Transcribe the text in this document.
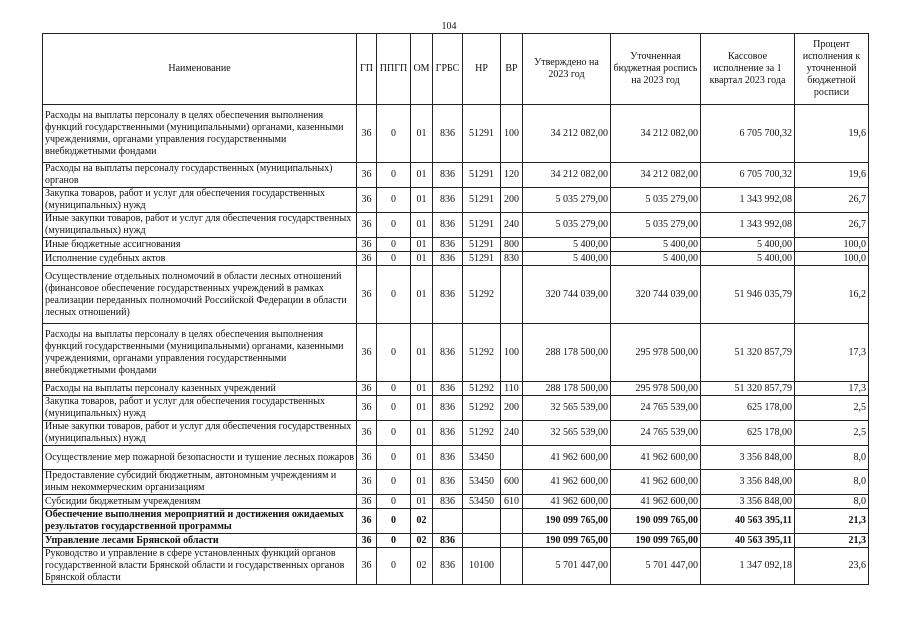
104
Наименование	ГП	ППГП	ОМ	ГРБС	НР	ВР	Утверждено на 2023 год	Уточненная бюджетная роспись на 2023 год	Кассовое исполнение за 1 квартал 2023 года	Процент исполнения к уточненной бюджетной росписи
Расходы на выплаты персоналу в целях обеспечения выполнения функций государственными (муниципальными) органами, казенными учреждениями, органами управления государственными внебюджетными фондами	36	0	01	836	51291	100	34 212 082,00	34 212 082,00	6 705 700,32	19,6
Расходы на выплаты персоналу государственных (муниципальных) органов	36	0	01	836	51291	120	34 212 082,00	34 212 082,00	6 705 700,32	19,6
Закупка товаров, работ и услуг для обеспечения государственных (муниципальных) нужд	36	0	01	836	51291	200	5 035 279,00	5 035 279,00	1 343 992,08	26,7
Иные закупки товаров, работ и услуг для обеспечения государственных (муниципальных) нужд	36	0	01	836	51291	240	5 035 279,00	5 035 279,00	1 343 992,08	26,7
Иные бюджетные ассигнования	36	0	01	836	51291	800	5 400,00	5 400,00	5 400,00	100,0
Исполнение судебных актов	36	0	01	836	51291	830	5 400,00	5 400,00	5 400,00	100,0
Осуществление отдельных полномочий в области лесных отношений (финансовое обеспечение государственных учреждений в рамках реализации переданных полномочий Российской Федерации в области лесных отношений)	36	0	01	836	51292		320 744 039,00	320 744 039,00	51 946 035,79	16,2
Расходы на выплаты персоналу в целях обеспечения выполнения функций государственными (муниципальными) органами, казенными учреждениями, органами управления государственными внебюджетными фондами	36	0	01	836	51292	100	288 178 500,00	295 978 500,00	51 320 857,79	17,3
Расходы на выплаты персоналу казенных учреждений	36	0	01	836	51292	110	288 178 500,00	295 978 500,00	51 320 857,79	17,3
Закупка товаров, работ и услуг для обеспечения государственных (муниципальных) нужд	36	0	01	836	51292	200	32 565 539,00	24 765 539,00	625 178,00	2,5
Иные закупки товаров, работ и услуг для обеспечения государственных (муниципальных) нужд	36	0	01	836	51292	240	32 565 539,00	24 765 539,00	625 178,00	2,5
Осуществление мер пожарной безопасности и тушение лесных пожаров	36	0	01	836	53450		41 962 600,00	41 962 600,00	3 356 848,00	8,0
Предоставление субсидий бюджетным, автономным учреждениям и иным некоммерческим организациям	36	0	01	836	53450	600	41 962 600,00	41 962 600,00	3 356 848,00	8,0
Субсидии бюджетным учреждениям	36	0	01	836	53450	610	41 962 600,00	41 962 600,00	3 356 848,00	8,0
Обеспечение выполнения мероприятий и достижения ожидаемых результатов государственной программы	36	0	02				190 099 765,00	190 099 765,00	40 563 395,11	21,3
Управление лесами Брянской области	36	0	02	836			190 099 765,00	190 099 765,00	40 563 395,11	21,3
Руководство и управление в сфере установленных функций органов государственной власти Брянской области и государственных органов Брянской области	36	0	02	836	10100		5 701 447,00	5 701 447,00	1 347 092,18	23,6
